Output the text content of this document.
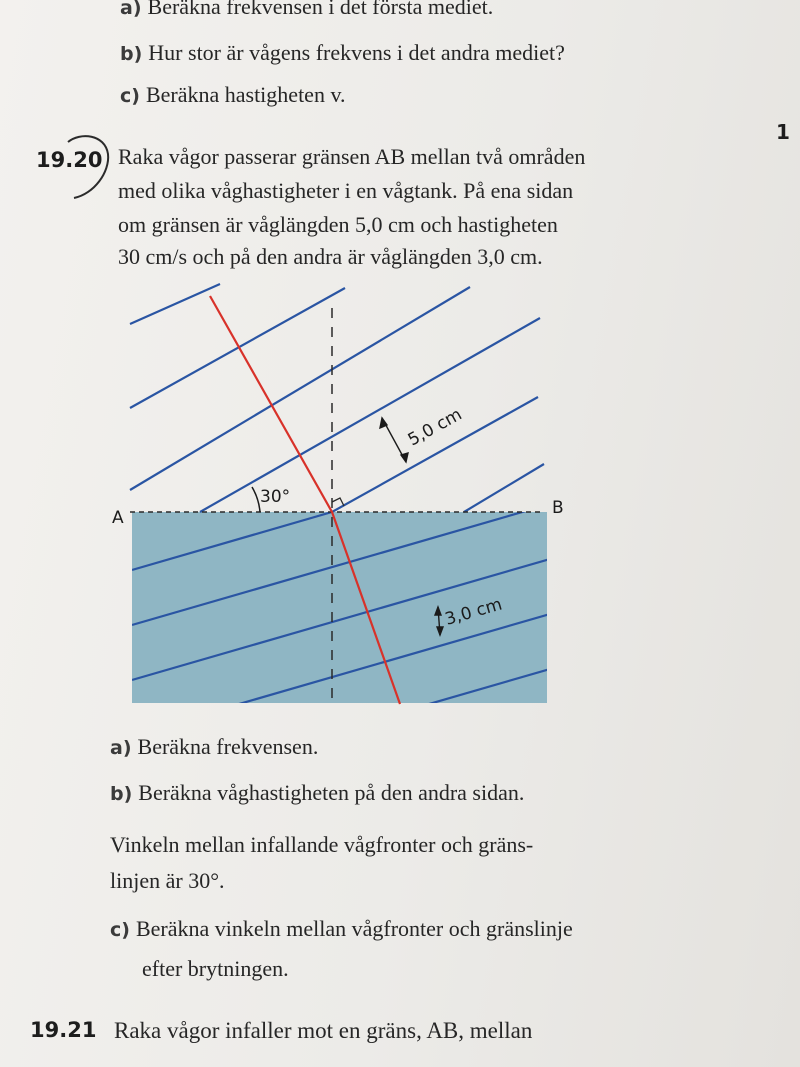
a) Beräkna frekvensen i det första mediet.
b) Hur stor är vågens frekvens i det andra mediet?
c) Beräkna hastigheten v.
1
19.20 Raka vågor passerar gränsen AB mellan två områden
med olika våghastigheter i en vågtank. På ena sidan
om gränsen är våglängden 5,0 cm och hastigheten
30 cm/s och på den andra är våglängden 3,0 cm.
30°
A	B
5,0 cm
3,0 cm
a) Beräkna frekvensen.
b) Beräkna våghastigheten på den andra sidan.
Vinkeln mellan infallande vågfronter och gräns-
linjen är 30°.
c) Beräkna vinkeln mellan vågfronter och gränslinje
efter brytningen.
19.21 Raka vågor infaller mot en gräns, AB, mellan
